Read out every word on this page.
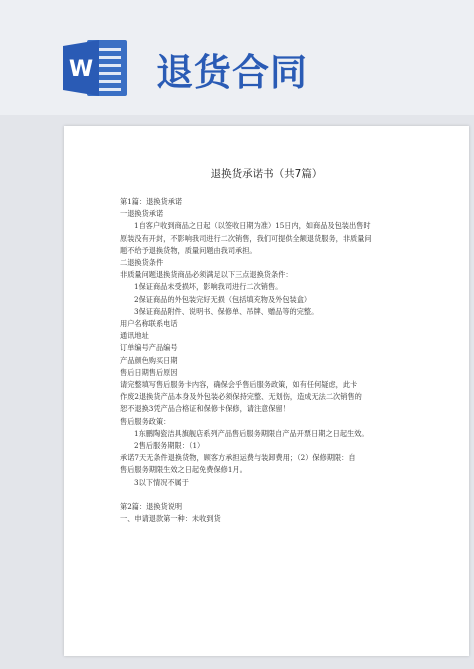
W 退货合同
退换货承诺书（共7篇）
第1篇：退换货承诺
一退换货承诺
1自客户收到商品之日起（以签收日期为准）15日内，如商品及包装出售时
原装没有开封，不影响我司进行二次销售，我们可提供全额退货服务，非质量问
题不给予退换货物，质量问题由我司承担。
二退换货条件
非质量问题退换货商品必须满足以下三点退换货条件：
1保证商品未受损坏，影响我司进行二次销售。
2保证商品的外包装完好无损（包括填充物及外包装盒）
3保证商品附件、说明书、保修单、吊牌、赠品等的完整。
用户名称联系电话
通讯地址
订单编号产品编号
产品颜色购买日期
售后日期售后原因
请完整填写售后服务卡内容，确保会乎售后服务政策，如有任何疑虑，此卡
作废2退换货产品本身及外包装必须保持完整、无划伤，造成无法二次销售的
恕不退换3凭产品合格证和保修卡保修，请注意保留！
售后服务政策：
1东鹏陶瓷洁具旗舰店系列产品售后服务期限自产品开票日期之日起生效。
2售后服务期限：（1）
承诺7天无条件退换货物，顾客方承担运费与装卸费用；（2）保修期限：自
售后服务期限生效之日起免费保修1月。
3以下情况不属于
第2篇：退换货说明
一、申请退款第一种：未收到货
